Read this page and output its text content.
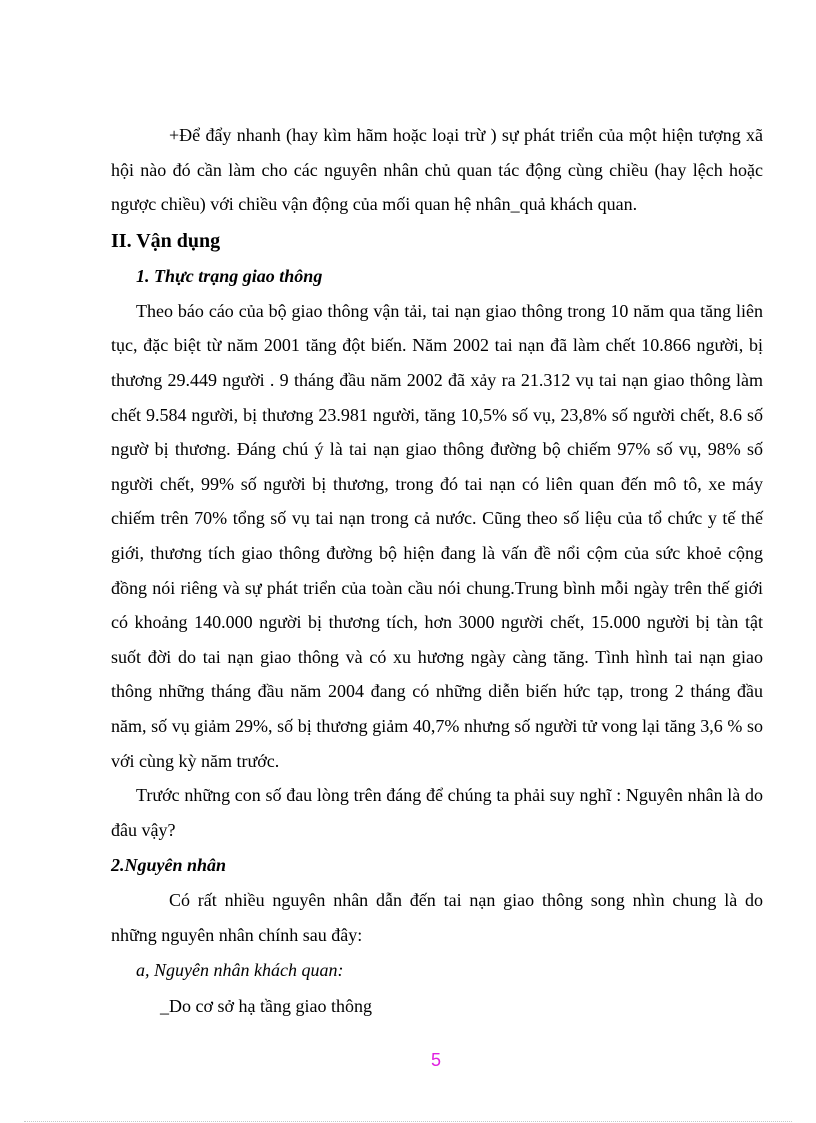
+Để đẩy nhanh (hay kìm hãm hoặc loại trừ ) sự phát triển của một hiện tượng xã hội nào đó cần làm cho các nguyên nhân chủ quan tác động cùng chiều (hay lệch hoặc ngược chiều) với chiều vận động của mối quan hệ nhân_quả khách quan.

II. Vận dụng

1. Thực trạng giao thông

Theo báo cáo của bộ giao thông vận tải, tai nạn giao thông trong 10 năm qua tăng liên tục, đặc biệt từ năm 2001 tăng đột biến. Năm 2002 tai nạn đã làm chết 10.866 người, bị thương 29.449 người . 9 tháng đầu năm 2002 đã xảy ra 21.312 vụ tai nạn giao thông làm chết 9.584 người, bị thương 23.981 người, tăng 10,5% số vụ, 23,8% số người chết, 8.6 số ngườ bị thương. Đáng chú ý là tai nạn giao thông đường bộ chiếm 97% số vụ, 98% số người chết, 99% số người bị thương, trong đó tai nạn có liên quan đến mô tô, xe máy chiếm trên 70% tổng số vụ tai nạn trong cả nước. Cũng theo số liệu của tổ chức y tế thế giới, thương tích giao thông đường bộ hiện đang là vấn đề nổi cộm của sức khoẻ cộng đồng nói riêng và sự phát triển của toàn cầu nói chung.Trung bình mỗi ngày trên thế giới có khoảng 140.000 người bị thương tích, hơn 3000 người chết, 15.000 người bị tàn tật suốt đời do tai nạn giao thông và có xu hương ngày càng tăng. Tình hình tai nạn giao thông những tháng đầu năm 2004 đang có những diễn biến hức tạp, trong 2 tháng đầu năm, số vụ giảm 29%, số bị thương giảm 40,7% nhưng số người tử vong lại tăng 3,6 % so với cùng kỳ năm trước.

Trước những con số đau lòng trên đáng để chúng ta phải suy nghĩ : Nguyên nhân là do đâu vậy?

2.Nguyên nhân

Có rất nhiều nguyên nhân dẫn đến tai nạn giao thông song nhìn chung là do những nguyên nhân chính sau đây:

a, Nguyên nhân khách quan:

_Do cơ sở hạ tầng giao thông

5
